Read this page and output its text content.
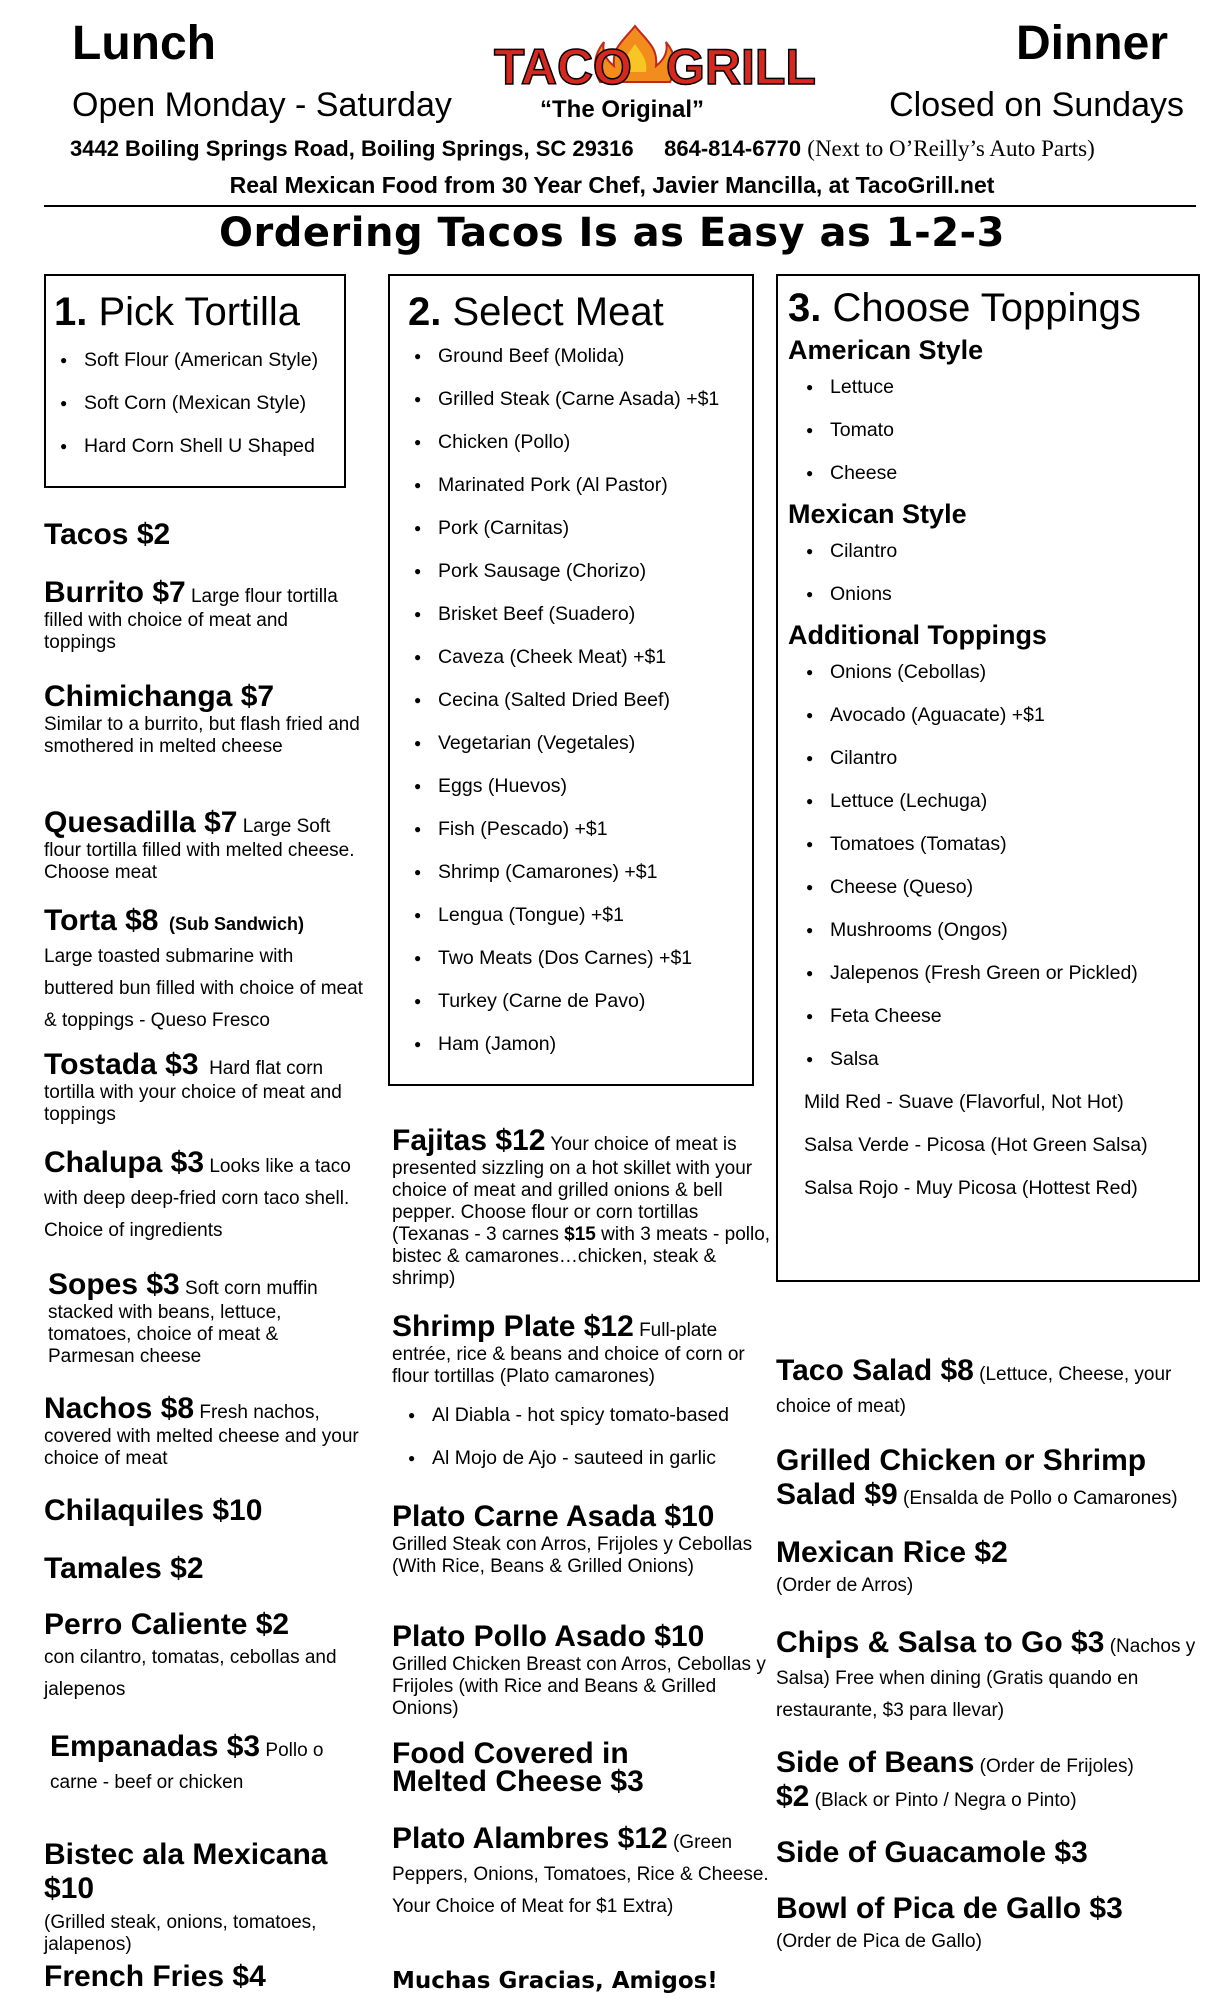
Lunch	Dinner
Open Monday - Saturday	Closed on Sundays
TACO GRILL
“The Original”
3442 Boiling Springs Road, Boiling Springs, SC 29316 864-814-6770 (Next to O’Reilly’s Auto Parts)
Real Mexican Food from 30 Year Chef, Javier Mancilla, at TacoGrill.net
Ordering Tacos Is as Easy as 1-2-3
1. Pick Tortilla
● Soft Flour (American Style)
● Soft Corn (Mexican Style)
● Hard Corn Shell U Shaped
2. Select Meat
● Ground Beef (Molida)
● Grilled Steak (Carne Asada) +$1
● Chicken (Pollo)
● Marinated Pork (Al Pastor)
● Pork (Carnitas)
● Pork Sausage (Chorizo)
● Brisket Beef (Suadero)
● Caveza (Cheek Meat) +$1
● Cecina (Salted Dried Beef)
● Vegetarian (Vegetales)
● Eggs (Huevos)
● Fish (Pescado) +$1
● Shrimp (Camarones) +$1
● Lengua (Tongue) +$1
● Two Meats (Dos Carnes) +$1
● Turkey (Carne de Pavo)
● Ham (Jamon)
3. Choose Toppings
American Style
● Lettuce
● Tomato
● Cheese
Mexican Style
● Cilantro
● Onions
Additional Toppings
● Onions (Cebollas)
● Avocado (Aguacate) +$1
● Cilantro
● Lettuce (Lechuga)
● Tomatoes (Tomatas)
● Cheese (Queso)
● Mushrooms (Ongos)
● Jalepenos (Fresh Green or Pickled)
● Feta Cheese
● Salsa
Mild Red - Suave (Flavorful, Not Hot)
Salsa Verde - Picosa (Hot Green Salsa)
Salsa Rojo - Muy Picosa (Hottest Red)
Tacos $2
Burrito $7 Large flour tortilla filled with choice of meat and toppings
Chimichanga $7
Similar to a burrito, but flash fried and smothered in melted cheese
Quesadilla $7 Large Soft flour tortilla filled with melted cheese. Choose meat
Torta $8 (Sub Sandwich)
Large toasted submarine with buttered bun filled with choice of meat & toppings - Queso Fresco
Tostada $3 Hard flat corn tortilla with your choice of meat and toppings
Chalupa $3 Looks like a taco with deep deep-fried corn taco shell. Choice of ingredients
Sopes $3 Soft corn muffin stacked with beans, lettuce, tomatoes, choice of meat & Parmesan cheese
Nachos $8 Fresh nachos, covered with melted cheese and your choice of meat
Chilaquiles $10
Tamales $2
Perro Caliente $2
con cilantro, tomatas, cebollas and jalepenos
Empanadas $3 Pollo o carne - beef or chicken
Bistec ala Mexicana $10
(Grilled steak, onions, tomatoes, jalapenos)
French Fries $4
Fajitas $12 Your choice of meat is presented sizzling on a hot skillet with your choice of meat and grilled onions & bell pepper. Choose flour or corn tortillas (Texanas - 3 carnes $15 with 3 meats - pollo, bistec & camarones…chicken, steak & shrimp)
Shrimp Plate $12 Full-plate entrée, rice & beans and choice of corn or flour tortillas (Plato camarones)
● Al Diabla - hot spicy tomato-based
● Al Mojo de Ajo - sauteed in garlic
Plato Carne Asada $10
Grilled Steak con Arros, Frijoles y Cebollas (With Rice, Beans & Grilled Onions)
Plato Pollo Asado $10
Grilled Chicken Breast con Arros, Cebollas y Frijoles (with Rice and Beans & Grilled Onions)
Food Covered in Melted Cheese $3
Plato Alambres $12 (Green Peppers, Onions, Tomatoes, Rice & Cheese. Your Choice of Meat for $1 Extra)
Muchas Gracias, Amigos!
Taco Salad $8 (Lettuce, Cheese, your choice of meat)
Grilled Chicken or Shrimp Salad $9 (Ensalda de Pollo o Camarones)
Mexican Rice $2
(Order de Arros)
Chips & Salsa to Go $3 (Nachos y Salsa) Free when dining (Gratis quando en restaurante, $3 para llevar)
Side of Beans (Order de Frijoles)
$2 (Black or Pinto / Negra o Pinto)
Side of Guacamole $3
Bowl of Pica de Gallo $3
(Order de Pica de Gallo)
